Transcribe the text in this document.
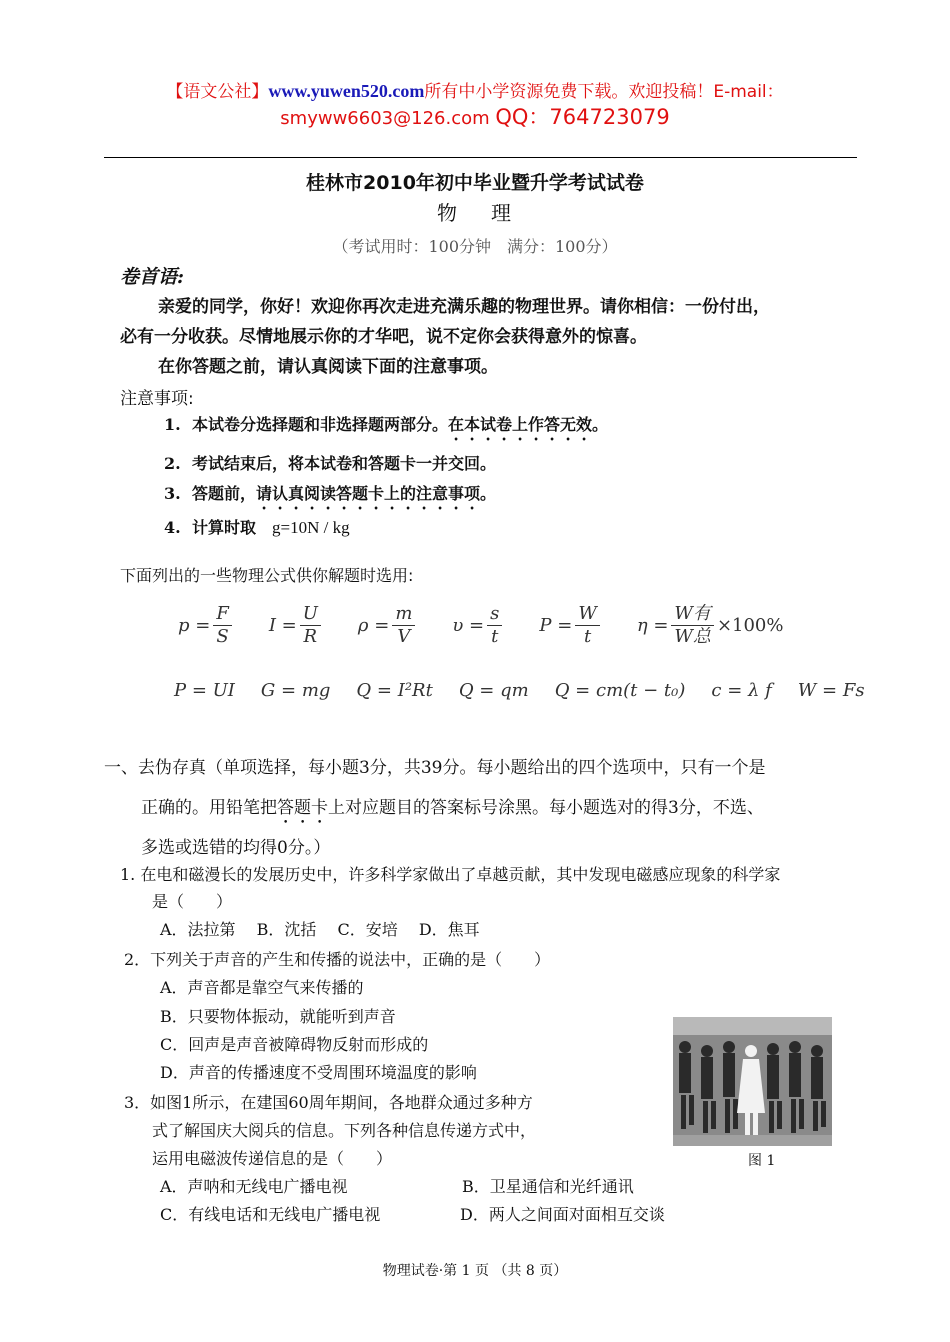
【语文公社】www.yuwen520.com所有中小学资源免费下载。欢迎投稿！E-mail：
smyww6603@126.com QQ：764723079
桂林市2010年初中毕业暨升学考试试卷
物 理
（考试用时：100分钟　满分：100分）
卷首语:
亲爱的同学，你好！欢迎你再次走进充满乐趣的物理世界。请你相信：一份付出，
必有一分收获。尽情地展示你的才华吧，说不定你会获得意外的惊喜。
在你答题之前，请认真阅读下面的注意事项。
注意事项:
1. 本试卷分选择题和非选择题两部分。在本试卷上作答无效。
2. 考试结束后，将本试卷和答题卡一并交回。
3. 答题前，请认真阅读答题卡上的注意事项。
4. 计算时取　 g=10N / kg
下面列出的一些物理公式供你解题时选用:
$p = \frac{F}{S}$ $I = \frac{U}{R}$ $\rho = \frac{m}{V}$ $\upsilon = \frac{s}{t}$ $P = \frac{W}{t}$ $\eta = \frac{\text{W有}}{\text{W总}} \times 100\%$
P = UI G = mg Q = I²Rt Q = qm Q = cm(t − t₀) c = λ f W = Fs
一、去伪存真（单项选择，每小题3分，共39分。每小题给出的四个选项中，只有一个是
正确的。用铅笔把答题卡上对应题目的答案标号涂黑。每小题选对的得3分，不选、
多选或选错的均得0分。）
1. 在电和磁漫长的发展历史中，许多科学家做出了卓越贡献，其中发现电磁感应现象的科学家
是（　　）
A．法拉第　 B．沈括　 C．安培　 D．焦耳
2．下列关于声音的产生和传播的说法中，正确的是（　　）
A．声音都是靠空气来传播的
B．只要物体振动，就能听到声音
C．回声是声音被障碍物反射而形成的
D．声音的传播速度不受周围环境温度的影响
3．如图1所示，在建国60周年期间，各地群众通过多种方
式了解国庆大阅兵的信息。下列各种信息传递方式中，
运用电磁波传递信息的是（　　）
A．声呐和无线电广播电视	B．卫星通信和光纤通讯
C．有线电话和无线电广播电视	D．两人之间面对面相互交谈
图 1
物理试卷·第 1 页 （共 8 页）
